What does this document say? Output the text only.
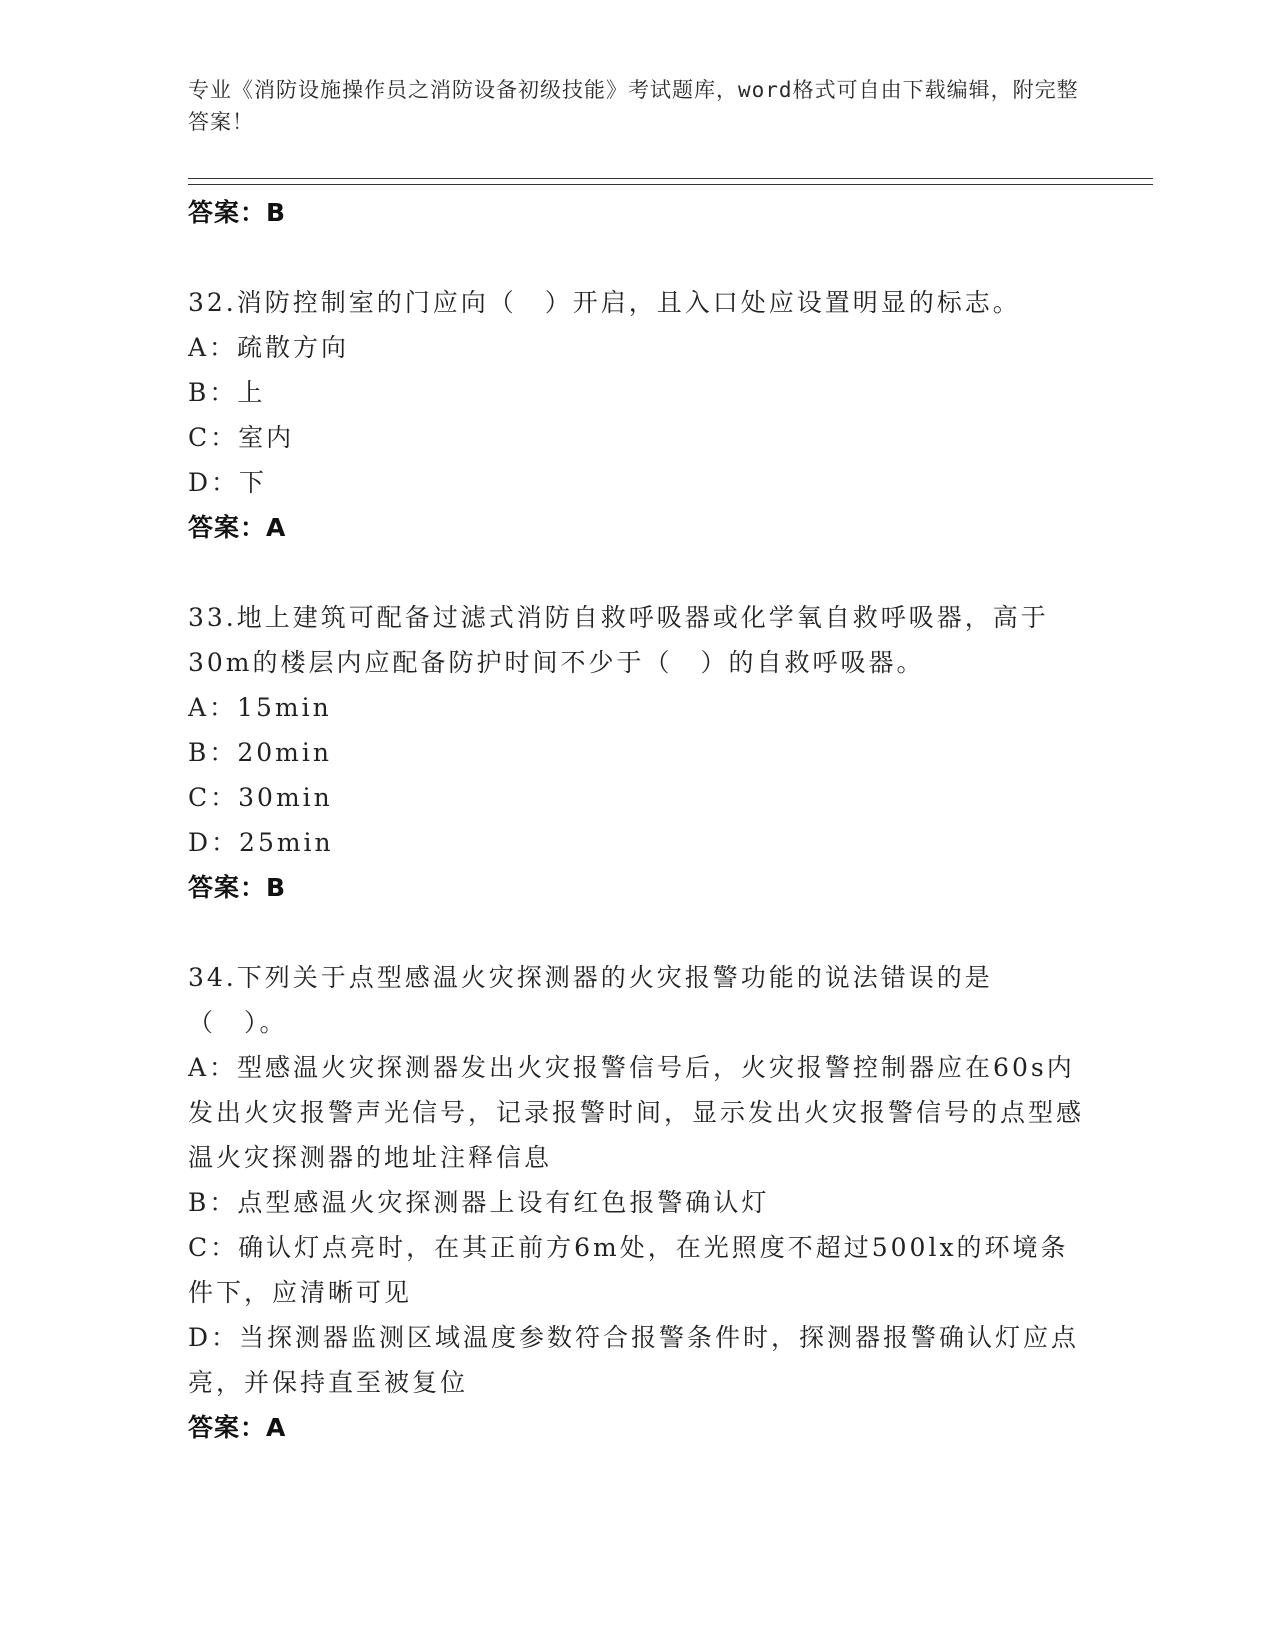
专业《消防设施操作员之消防设备初级技能》考试题库，word格式可自由下载编辑，附完整答案！
答案：B
32.消防控制室的门应向（　）开启，且入口处应设置明显的标志。
A：疏散方向
B：上
C：室内
D：下
答案：A
33.地上建筑可配备过滤式消防自救呼吸器或化学氧自救呼吸器，高于30m的楼层内应配备防护时间不少于（　）的自救呼吸器。
A：15min
B：20min
C：30min
D：25min
答案：B
34.下列关于点型感温火灾探测器的火灾报警功能的说法错误的是（　）。
A：型感温火灾探测器发出火灾报警信号后，火灾报警控制器应在60s内发出火灾报警声光信号，记录报警时间，显示发出火灾报警信号的点型感温火灾探测器的地址注释信息
B：点型感温火灾探测器上设有红色报警确认灯
C：确认灯点亮时，在其正前方6m处，在光照度不超过500lx的环境条件下，应清晰可见
D：当探测器监测区域温度参数符合报警条件时，探测器报警确认灯应点亮，并保持直至被复位
答案：A
